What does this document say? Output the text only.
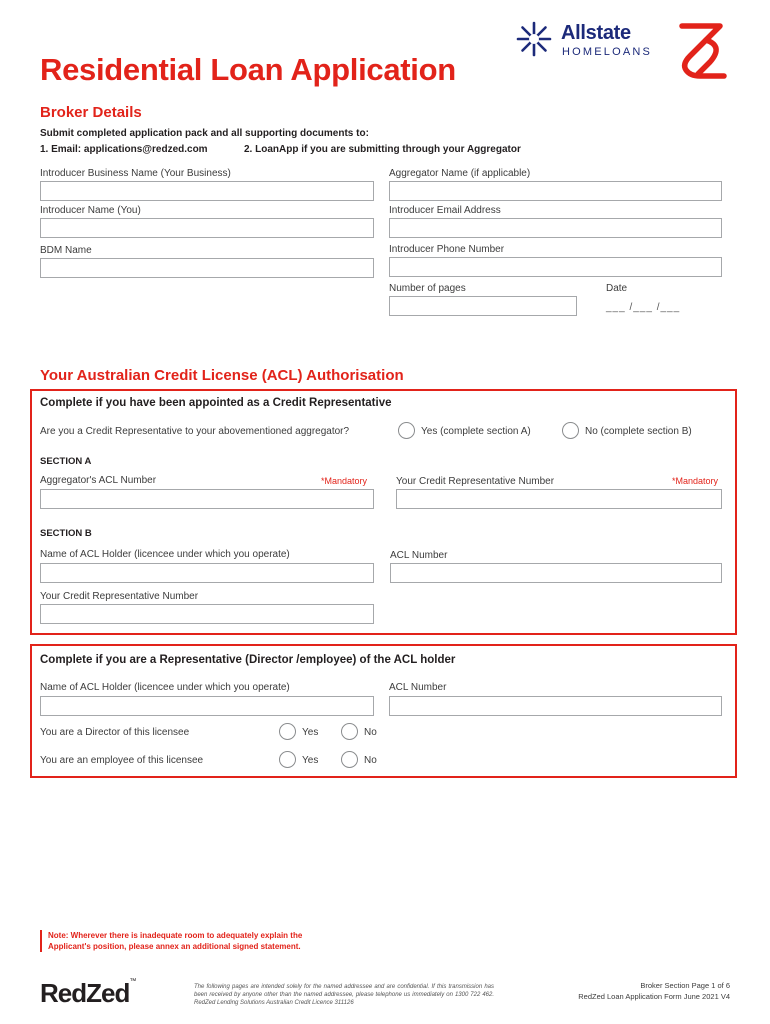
Allstate
HOMELOANS
Residential Loan Application
Broker Details
Submit completed application pack and all supporting documents to:
1. Email: applications@redzed.com	2. LoanApp if you are submitting through your Aggregator
Introducer Business Name (Your Business)	Aggregator Name (if applicable)
Introducer Name (You)	Introducer Email Address
BDM Name	Introducer Phone Number
Number of pages	Date
___ /___ /___
Your Australian Credit License (ACL) Authorisation
Complete if you have been appointed as a Credit Representative
Are you a Credit Representative to your abovementioned aggregator?	Yes (complete section A)	No (complete section B)
SECTION A
Aggregator's ACL Number	*Mandatory	Your Credit Representative Number	*Mandatory
SECTION B
Name of ACL Holder (licencee under which you operate)	ACL Number
Your Credit Representative Number
Complete if you are a Representative (Director /employee) of the ACL holder
Name of ACL Holder (licencee under which you operate)	ACL Number
You are a Director of this licensee	Yes	No
You are an employee of this licensee	Yes	No
Note: Wherever there is inadequate room to adequately explain the Applicant's position, please annex an additional signed statement.
RedZed™
The following pages are intended solely for the named addressee and are confidential. If this transmission has been received by anyone other than the named addressee, please telephone us immediately on 1300 722 462. RedZed Lending Solutions Australian Credit Licence 311126
Broker Section Page 1 of 6
RedZed Loan Application Form June 2021 V4
